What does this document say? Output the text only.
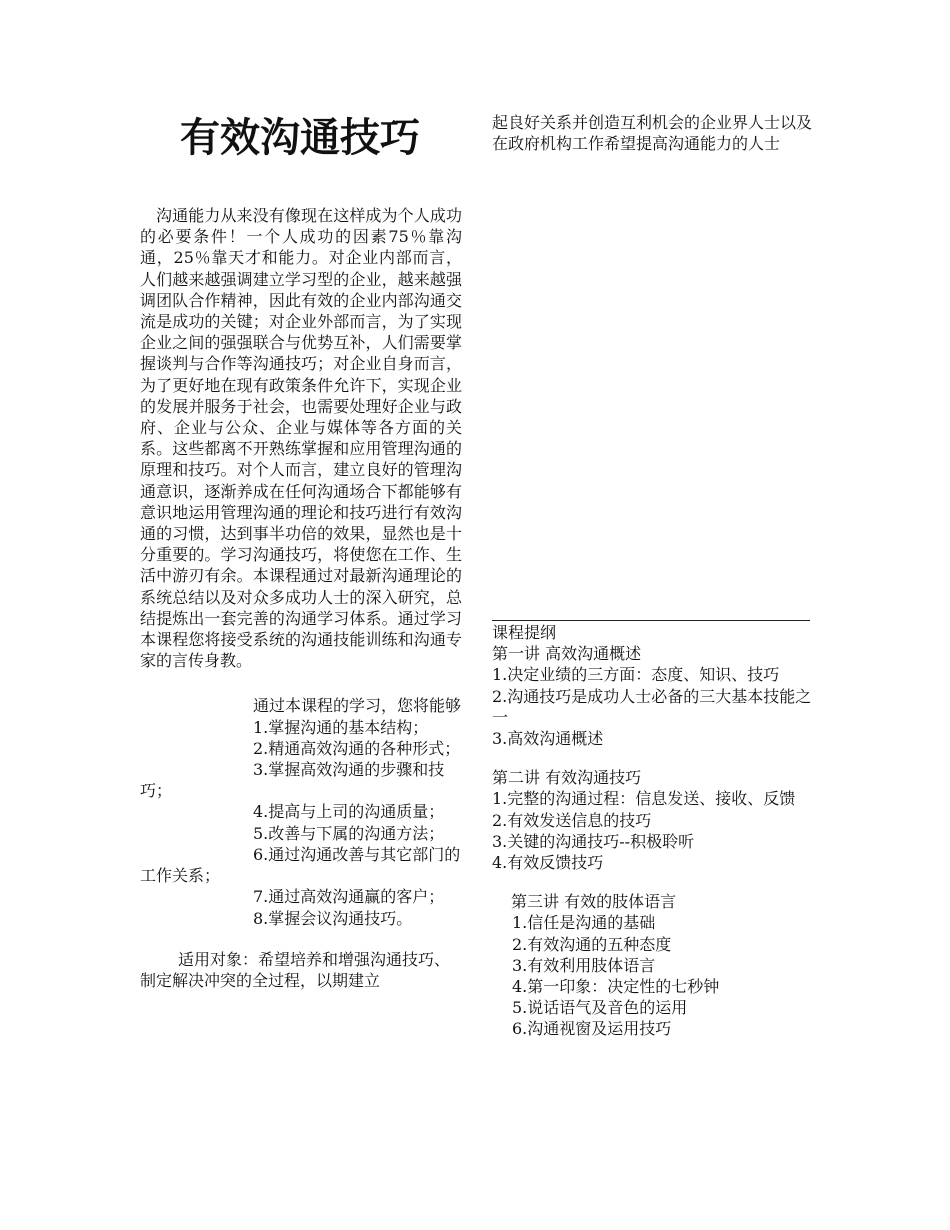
有效沟通技巧

沟通能力从来没有像现在这样成为个人成功的必要条件！一个人成功的因素75％靠沟通，25％靠天才和能力。对企业内部而言，人们越来越强调建立学习型的企业，越来越强调团队合作精神，因此有效的企业内部沟通交流是成功的关键；对企业外部而言，为了实现企业之间的强强联合与优势互补，人们需要掌握谈判与合作等沟通技巧；对企业自身而言，为了更好地在现有政策条件允许下，实现企业的发展并服务于社会，也需要处理好企业与政府、企业与公众、企业与媒体等各方面的关系。这些都离不开熟练掌握和应用管理沟通的原理和技巧。对个人而言，建立良好的管理沟通意识，逐渐养成在任何沟通场合下都能够有意识地运用管理沟通的理论和技巧进行有效沟通的习惯，达到事半功倍的效果，显然也是十分重要的。学习沟通技巧，将使您在工作、生活中游刃有余。本课程通过对最新沟通理论的系统总结以及对众多成功人士的深入研究，总结提炼出一套完善的沟通学习体系。通过学习本课程您将接受系统的沟通技能训练和沟通专家的言传身教。

通过本课程的学习，您将能够

1.掌握沟通的基本结构；

2.精通高效沟通的各种形式；

3.掌握高效沟通的步骤和技巧；

4.提高与上司的沟通质量；

5.改善与下属的沟通方法；

6.通过沟通改善与其它部门的工作关系；

7.通过高效沟通赢的客户；

8.掌握会议沟通技巧。

适用对象：希望培养和增强沟通技巧、制定解决冲突的全过程，以期建立

起良好关系并创造互利机会的企业界人士以及在政府机构工作希望提高沟通能力的人士

课程提纲

第一讲 高效沟通概述

1.决定业绩的三方面：态度、知识、技巧

2.沟通技巧是成功人士必备的三大基本技能之一

3.高效沟通概述

第二讲 有效沟通技巧

1.完整的沟通过程：信息发送、接收、反馈

2.有效发送信息的技巧

3.关键的沟通技巧--积极聆听

4.有效反馈技巧

第三讲 有效的肢体语言

1.信任是沟通的基础

2.有效沟通的五种态度

3.有效利用肢体语言

4.第一印象：决定性的七秒钟

5.说话语气及音色的运用

6.沟通视窗及运用技巧
